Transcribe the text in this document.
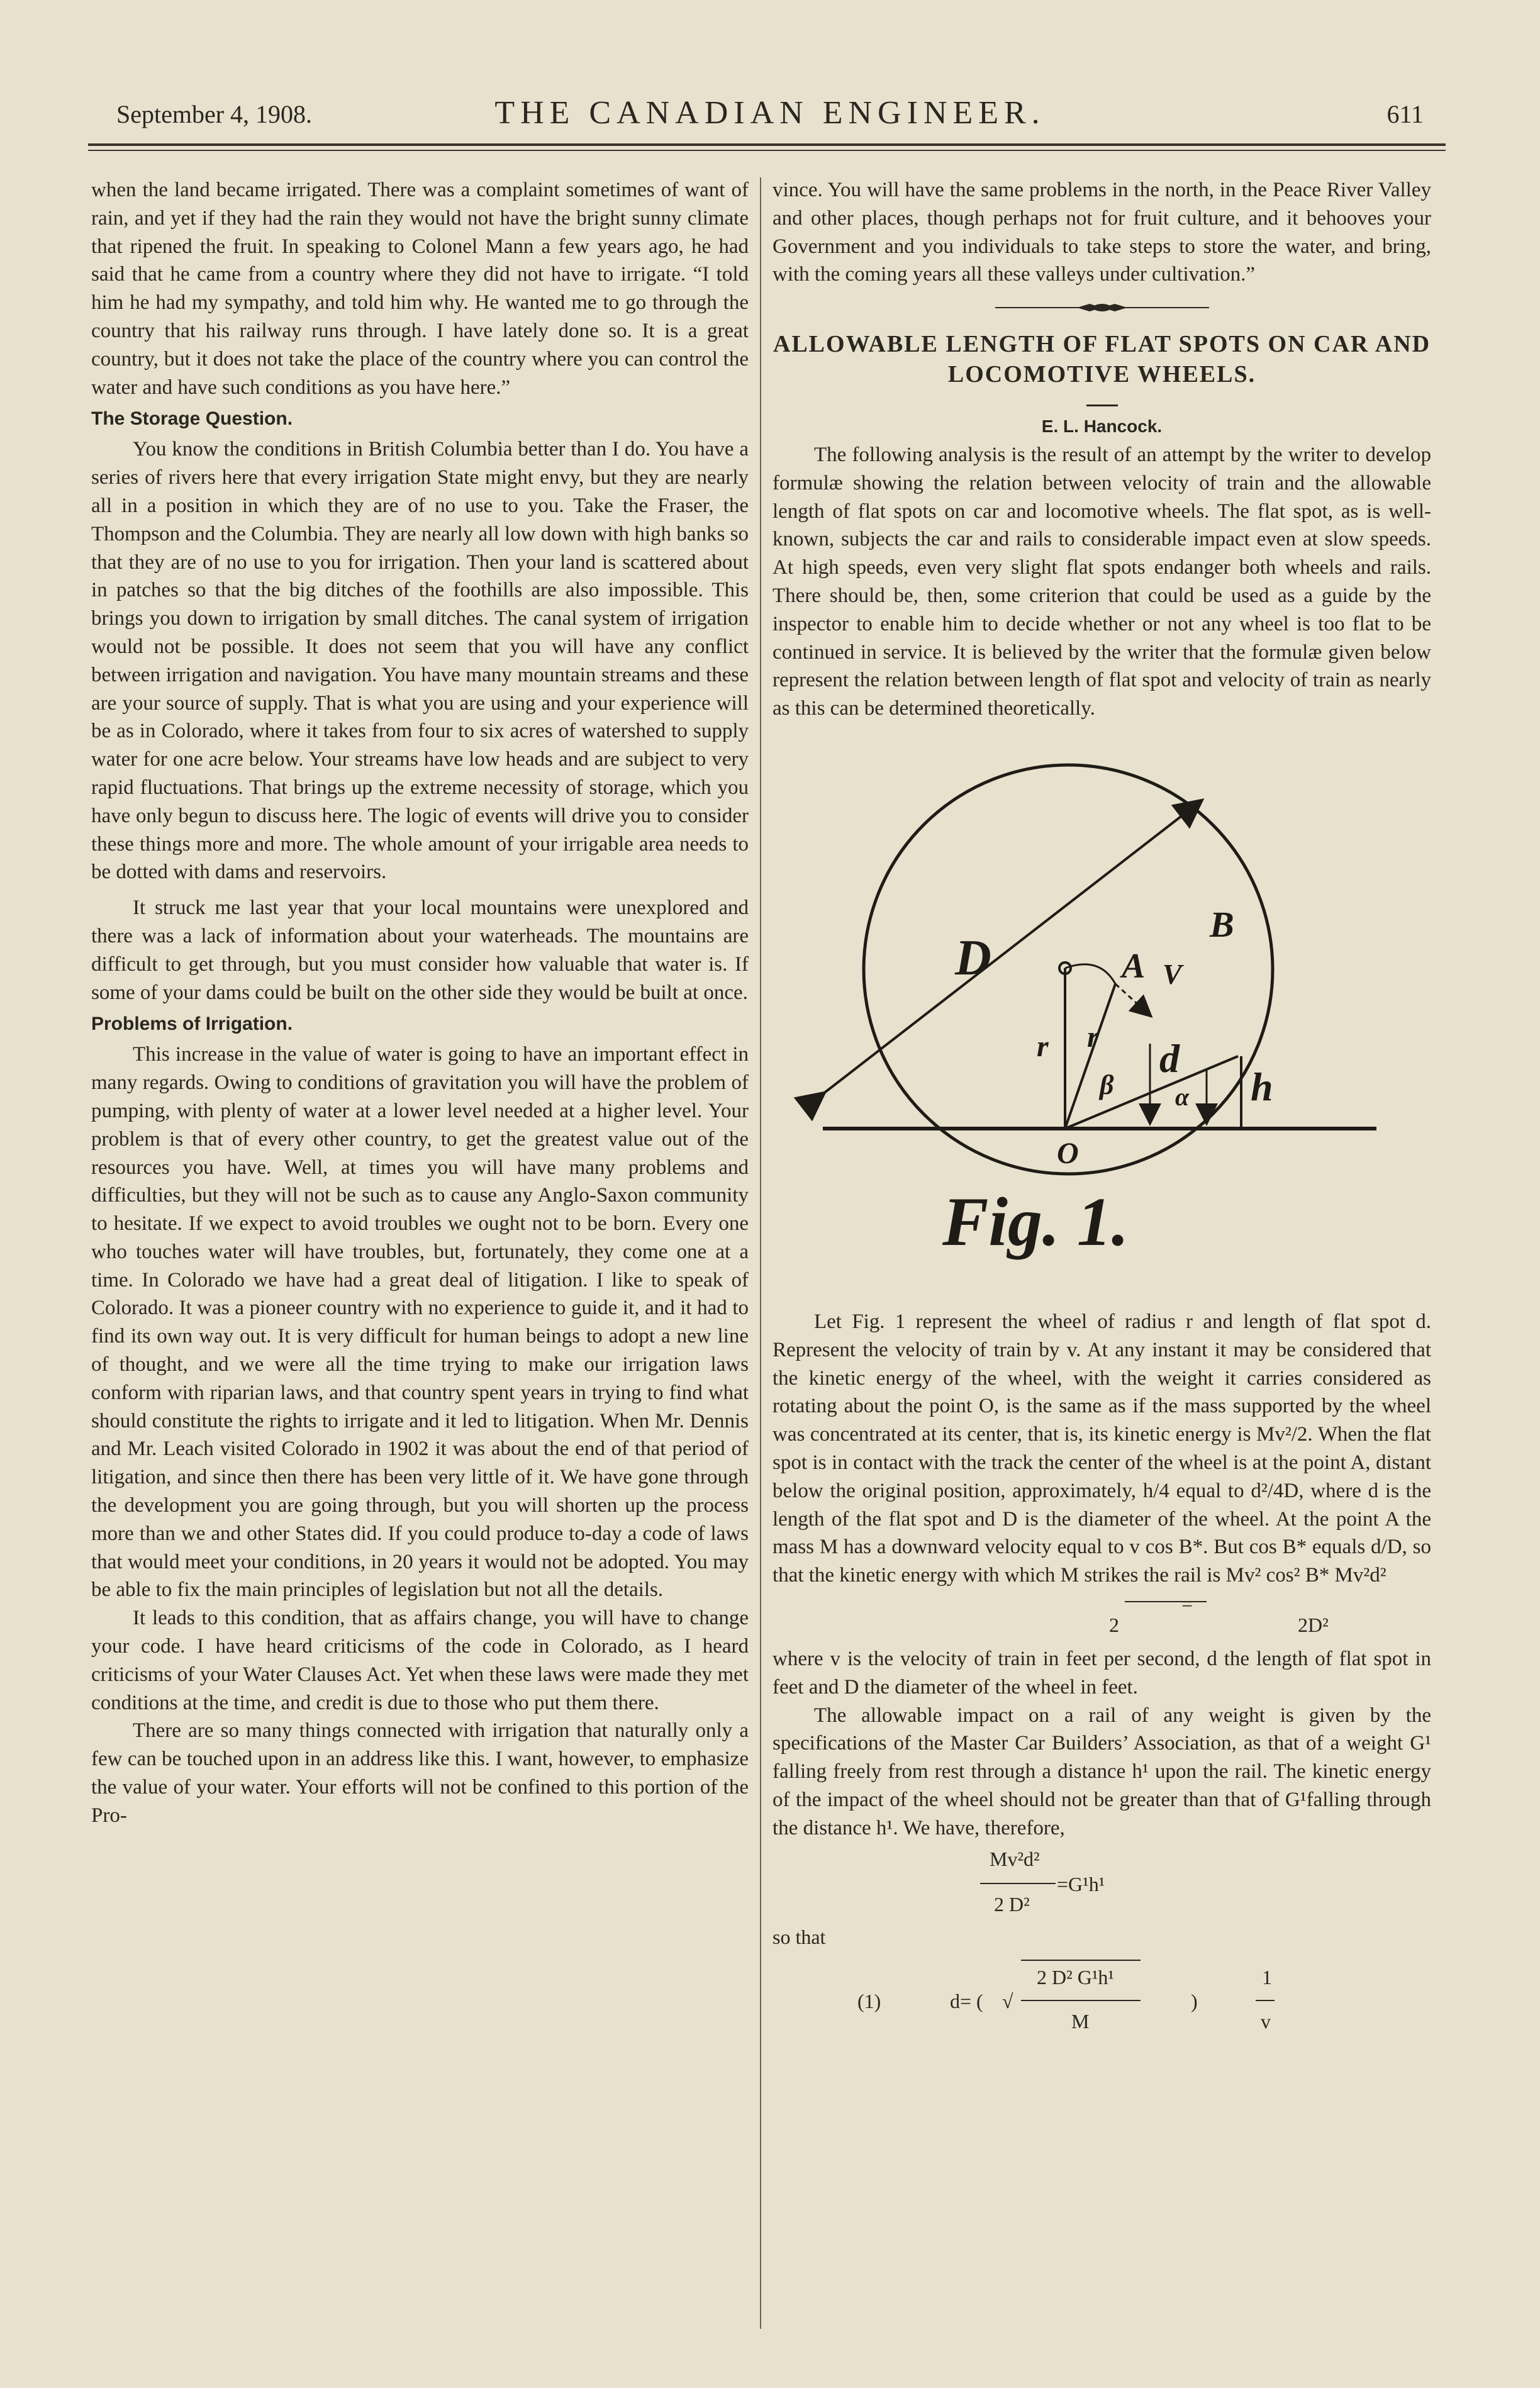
September 4, 1908.	THE CANADIAN ENGINEER.	611

when the land became irrigated. There was a complaint sometimes of want of rain, and yet if they had the rain they would not have the bright sunny climate that ripened the fruit. In speaking to Colonel Mann a few years ago, he had said that he came from a country where they did not have to irrigate. “I told him he had my sympathy, and told him why. He wanted me to go through the country that his railway runs through. I have lately done so. It is a great country, but it does not take the place of the country where you can control the water and have such conditions as you have here.”

The Storage Question.

You know the conditions in British Columbia better than I do. You have a series of rivers here that every irrigation State might envy, but they are nearly all in a position in which they are of no use to you. Take the Fraser, the Thompson and the Columbia. They are nearly all low down with high banks so that they are of no use to you for irrigation. Then your land is scattered about in patches so that the big ditches of the foothills are also impossible. This brings you down to irrigation by small ditches. The canal system of irrigation would not be possible. It does not seem that you will have any conflict between irrigation and navigation. You have many mountain streams and these are your source of supply. That is what you are using and your experience will be as in Colorado, where it takes from four to six acres of watershed to supply water for one acre below. Your streams have low heads and are subject to very rapid fluctuations. That brings up the extreme necessity of storage, which you have only begun to discuss here. The logic of events will drive you to consider these things more and more. The whole amount of your irrigable area needs to be dotted with dams and reservoirs.

It struck me last year that your local mountains were unexplored and there was a lack of information about your waterheads. The mountains are difficult to get through, but you must consider how valuable that water is. If some of your dams could be built on the other side they would be built at once.

Problems of Irrigation.

This increase in the value of water is going to have an important effect in many regards. Owing to conditions of gravitation you will have the problem of pumping, with plenty of water at a lower level needed at a higher level. Your problem is that of every other country, to get the greatest value out of the resources you have. Well, at times you will have many problems and difficulties, but they will not be such as to cause any Anglo-Saxon community to hesitate. If we expect to avoid troubles we ought not to be born. Every one who touches water will have troubles, but, fortunately, they come one at a time. In Colorado we have had a great deal of litigation. I like to speak of Colorado. It was a pioneer country with no experience to guide it, and it had to find its own way out. It is very difficult for human beings to adopt a new line of thought, and we were all the time trying to make our irrigation laws conform with riparian laws, and that country spent years in trying to find what should constitute the rights to irrigate and it led to litigation. When Mr. Dennis and Mr. Leach visited Colorado in 1902 it was about the end of that period of litigation, and since then there has been very little of it. We have gone through the development you are going through, but you will shorten up the process more than we and other States did. If you could produce to-day a code of laws that would meet your conditions, in 20 years it would not be adopted. You may be able to fix the main principles of legislation but not all the details.

It leads to this condition, that as affairs change, you will have to change your code. I have heard criticisms of the code in Colorado, as I heard criticisms of your Water Clauses Act. Yet when these laws were made they met conditions at the time, and credit is due to those who put them there.

There are so many things connected with irrigation that naturally only a few can be touched upon in an address like this. I want, however, to emphasize the value of your water. Your efforts will not be confined to this portion of the Pro-

vince. You will have the same problems in the north, in the Peace River Valley and other places, though perhaps not for fruit culture, and it behooves your Government and you individuals to take steps to store the water, and bring, with the coming years all these valleys under cultivation.”

ALLOWABLE LENGTH OF FLAT SPOTS ON CAR AND LOCOMOTIVE WHEELS.

E. L. Hancock.

The following analysis is the result of an attempt by the writer to develop formulæ showing the relation between velocity of train and the allowable length of flat spots on car and locomotive wheels. The flat spot, as is well-known, subjects the car and rails to considerable impact even at slow speeds. At high speeds, even very slight flat spots endanger both wheels and rails. There should be, then, some criterion that could be used as a guide by the inspector to enable him to decide whether or not any wheel is too flat to be continued in service. It is believed by the writer that the formulæ given below represent the relation between length of flat spot and velocity of train as nearly as this can be determined theoretically.

D	A
B
V
r r d
h
β α
O
Fig. 1.

Let Fig. 1 represent the wheel of radius r and length of flat spot d. Represent the velocity of train by v. At any instant it may be considered that the kinetic energy of the wheel, with the weight it carries considered as rotating about the point O, is the same as if the mass supported by the wheel was concentrated at its center, that is, its kinetic energy is Mv²/2. When the flat spot is in contact with the track the center of the wheel is at the point A, distant below the original position, approximately, h/4 equal to d²/4D, where d is the length of the flat spot and D is the diameter of the wheel. At the point A the mass M has a downward velocity equal to v cos B*. But cos B* equals d/D, so that the kinetic energy with which M strikes the rail is Mv² cos² B* Mv²d²

2
=
2D²

where v is the velocity of train in feet per second, d the length of flat spot in feet and D the diameter of the wheel in feet.

The allowable impact on a rail of any weight is given by the specifications of the Master Car Builders’ Association, as that of a weight G¹ falling freely from rest through a distance h¹ upon the rail. The kinetic energy of the impact of the wheel should not be greater than that of G¹falling through the distance h¹. We have, therefore,

Mv²d²
=G¹h¹
2 D²
so that
(1)	d= ( √
2 D² G¹h¹
M
)
1
v
